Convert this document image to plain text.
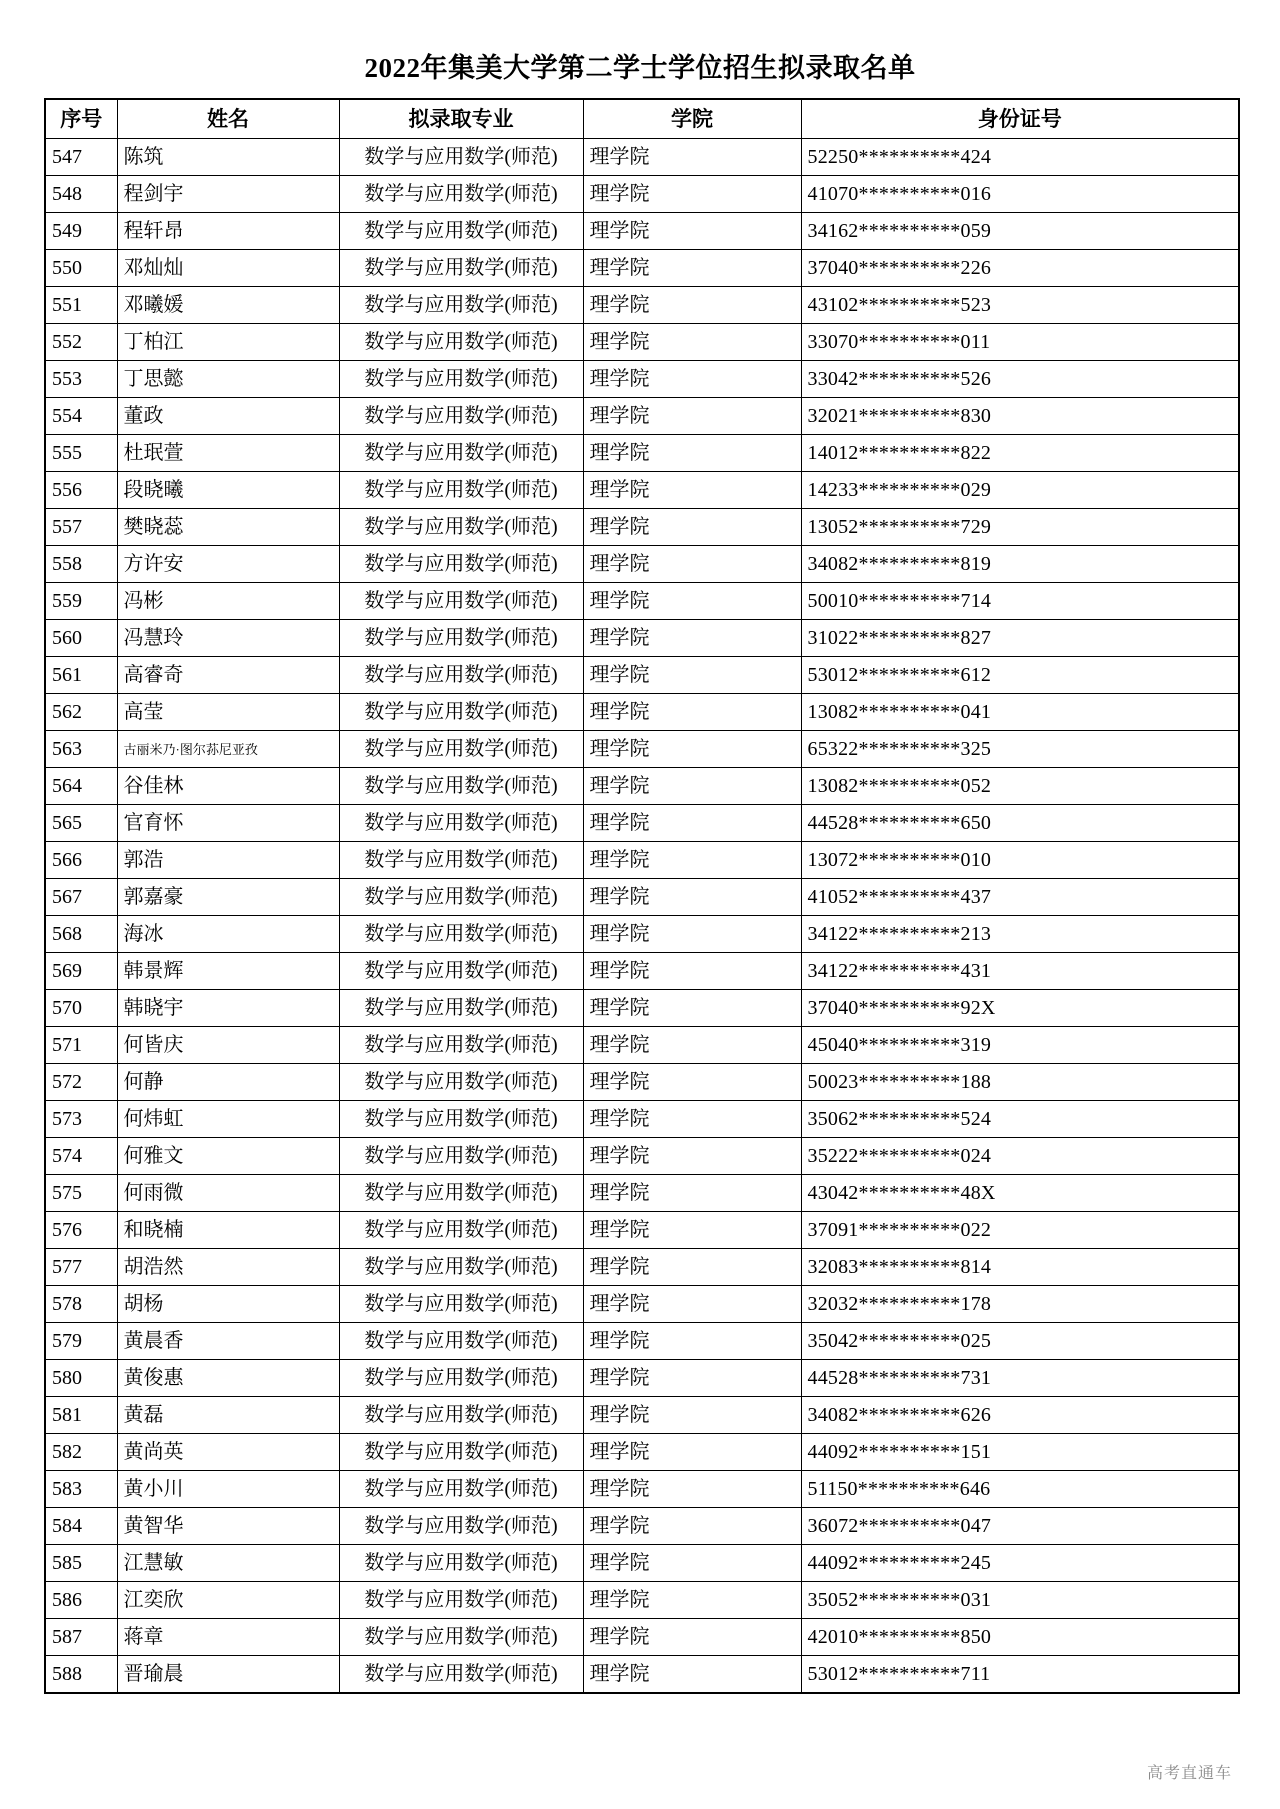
2022年集美大学第二学士学位招生拟录取名单
序号	姓名	拟录取专业	学院	身份证号
547	陈筑	数学与应用数学(师范)	理学院	52250**********424
548	程剑宇	数学与应用数学(师范)	理学院	41070**********016
549	程轩昂	数学与应用数学(师范)	理学院	34162**********059
550	邓灿灿	数学与应用数学(师范)	理学院	37040**********226
551	邓曦媛	数学与应用数学(师范)	理学院	43102**********523
552	丁柏江	数学与应用数学(师范)	理学院	33070**********011
553	丁思懿	数学与应用数学(师范)	理学院	33042**********526
554	董政	数学与应用数学(师范)	理学院	32021**********830
555	杜珉萱	数学与应用数学(师范)	理学院	14012**********822
556	段晓曦	数学与应用数学(师范)	理学院	14233**********029
557	樊晓蕊	数学与应用数学(师范)	理学院	13052**********729
558	方许安	数学与应用数学(师范)	理学院	34082**********819
559	冯彬	数学与应用数学(师范)	理学院	50010**********714
560	冯慧玲	数学与应用数学(师范)	理学院	31022**********827
561	高睿奇	数学与应用数学(师范)	理学院	53012**********612
562	高莹	数学与应用数学(师范)	理学院	13082**********041
563	古丽米乃·图尔荪尼亚孜	数学与应用数学(师范)	理学院	65322**********325
564	谷佳林	数学与应用数学(师范)	理学院	13082**********052
565	官育怀	数学与应用数学(师范)	理学院	44528**********650
566	郭浩	数学与应用数学(师范)	理学院	13072**********010
567	郭嘉豪	数学与应用数学(师范)	理学院	41052**********437
568	海冰	数学与应用数学(师范)	理学院	34122**********213
569	韩景辉	数学与应用数学(师范)	理学院	34122**********431
570	韩晓宇	数学与应用数学(师范)	理学院	37040**********92X
571	何皆庆	数学与应用数学(师范)	理学院	45040**********319
572	何静	数学与应用数学(师范)	理学院	50023**********188
573	何炜虹	数学与应用数学(师范)	理学院	35062**********524
574	何雅文	数学与应用数学(师范)	理学院	35222**********024
575	何雨微	数学与应用数学(师范)	理学院	43042**********48X
576	和晓楠	数学与应用数学(师范)	理学院	37091**********022
577	胡浩然	数学与应用数学(师范)	理学院	32083**********814
578	胡杨	数学与应用数学(师范)	理学院	32032**********178
579	黄晨香	数学与应用数学(师范)	理学院	35042**********025
580	黄俊惠	数学与应用数学(师范)	理学院	44528**********731
581	黄磊	数学与应用数学(师范)	理学院	34082**********626
582	黄尚英	数学与应用数学(师范)	理学院	44092**********151
583	黄小川	数学与应用数学(师范)	理学院	51150**********646
584	黄智华	数学与应用数学(师范)	理学院	36072**********047
585	江慧敏	数学与应用数学(师范)	理学院	44092**********245
586	江奕欣	数学与应用数学(师范)	理学院	35052**********031
587	蒋章	数学与应用数学(师范)	理学院	42010**********850
588	晋瑜晨	数学与应用数学(师范)	理学院	53012**********711
高考直通车
